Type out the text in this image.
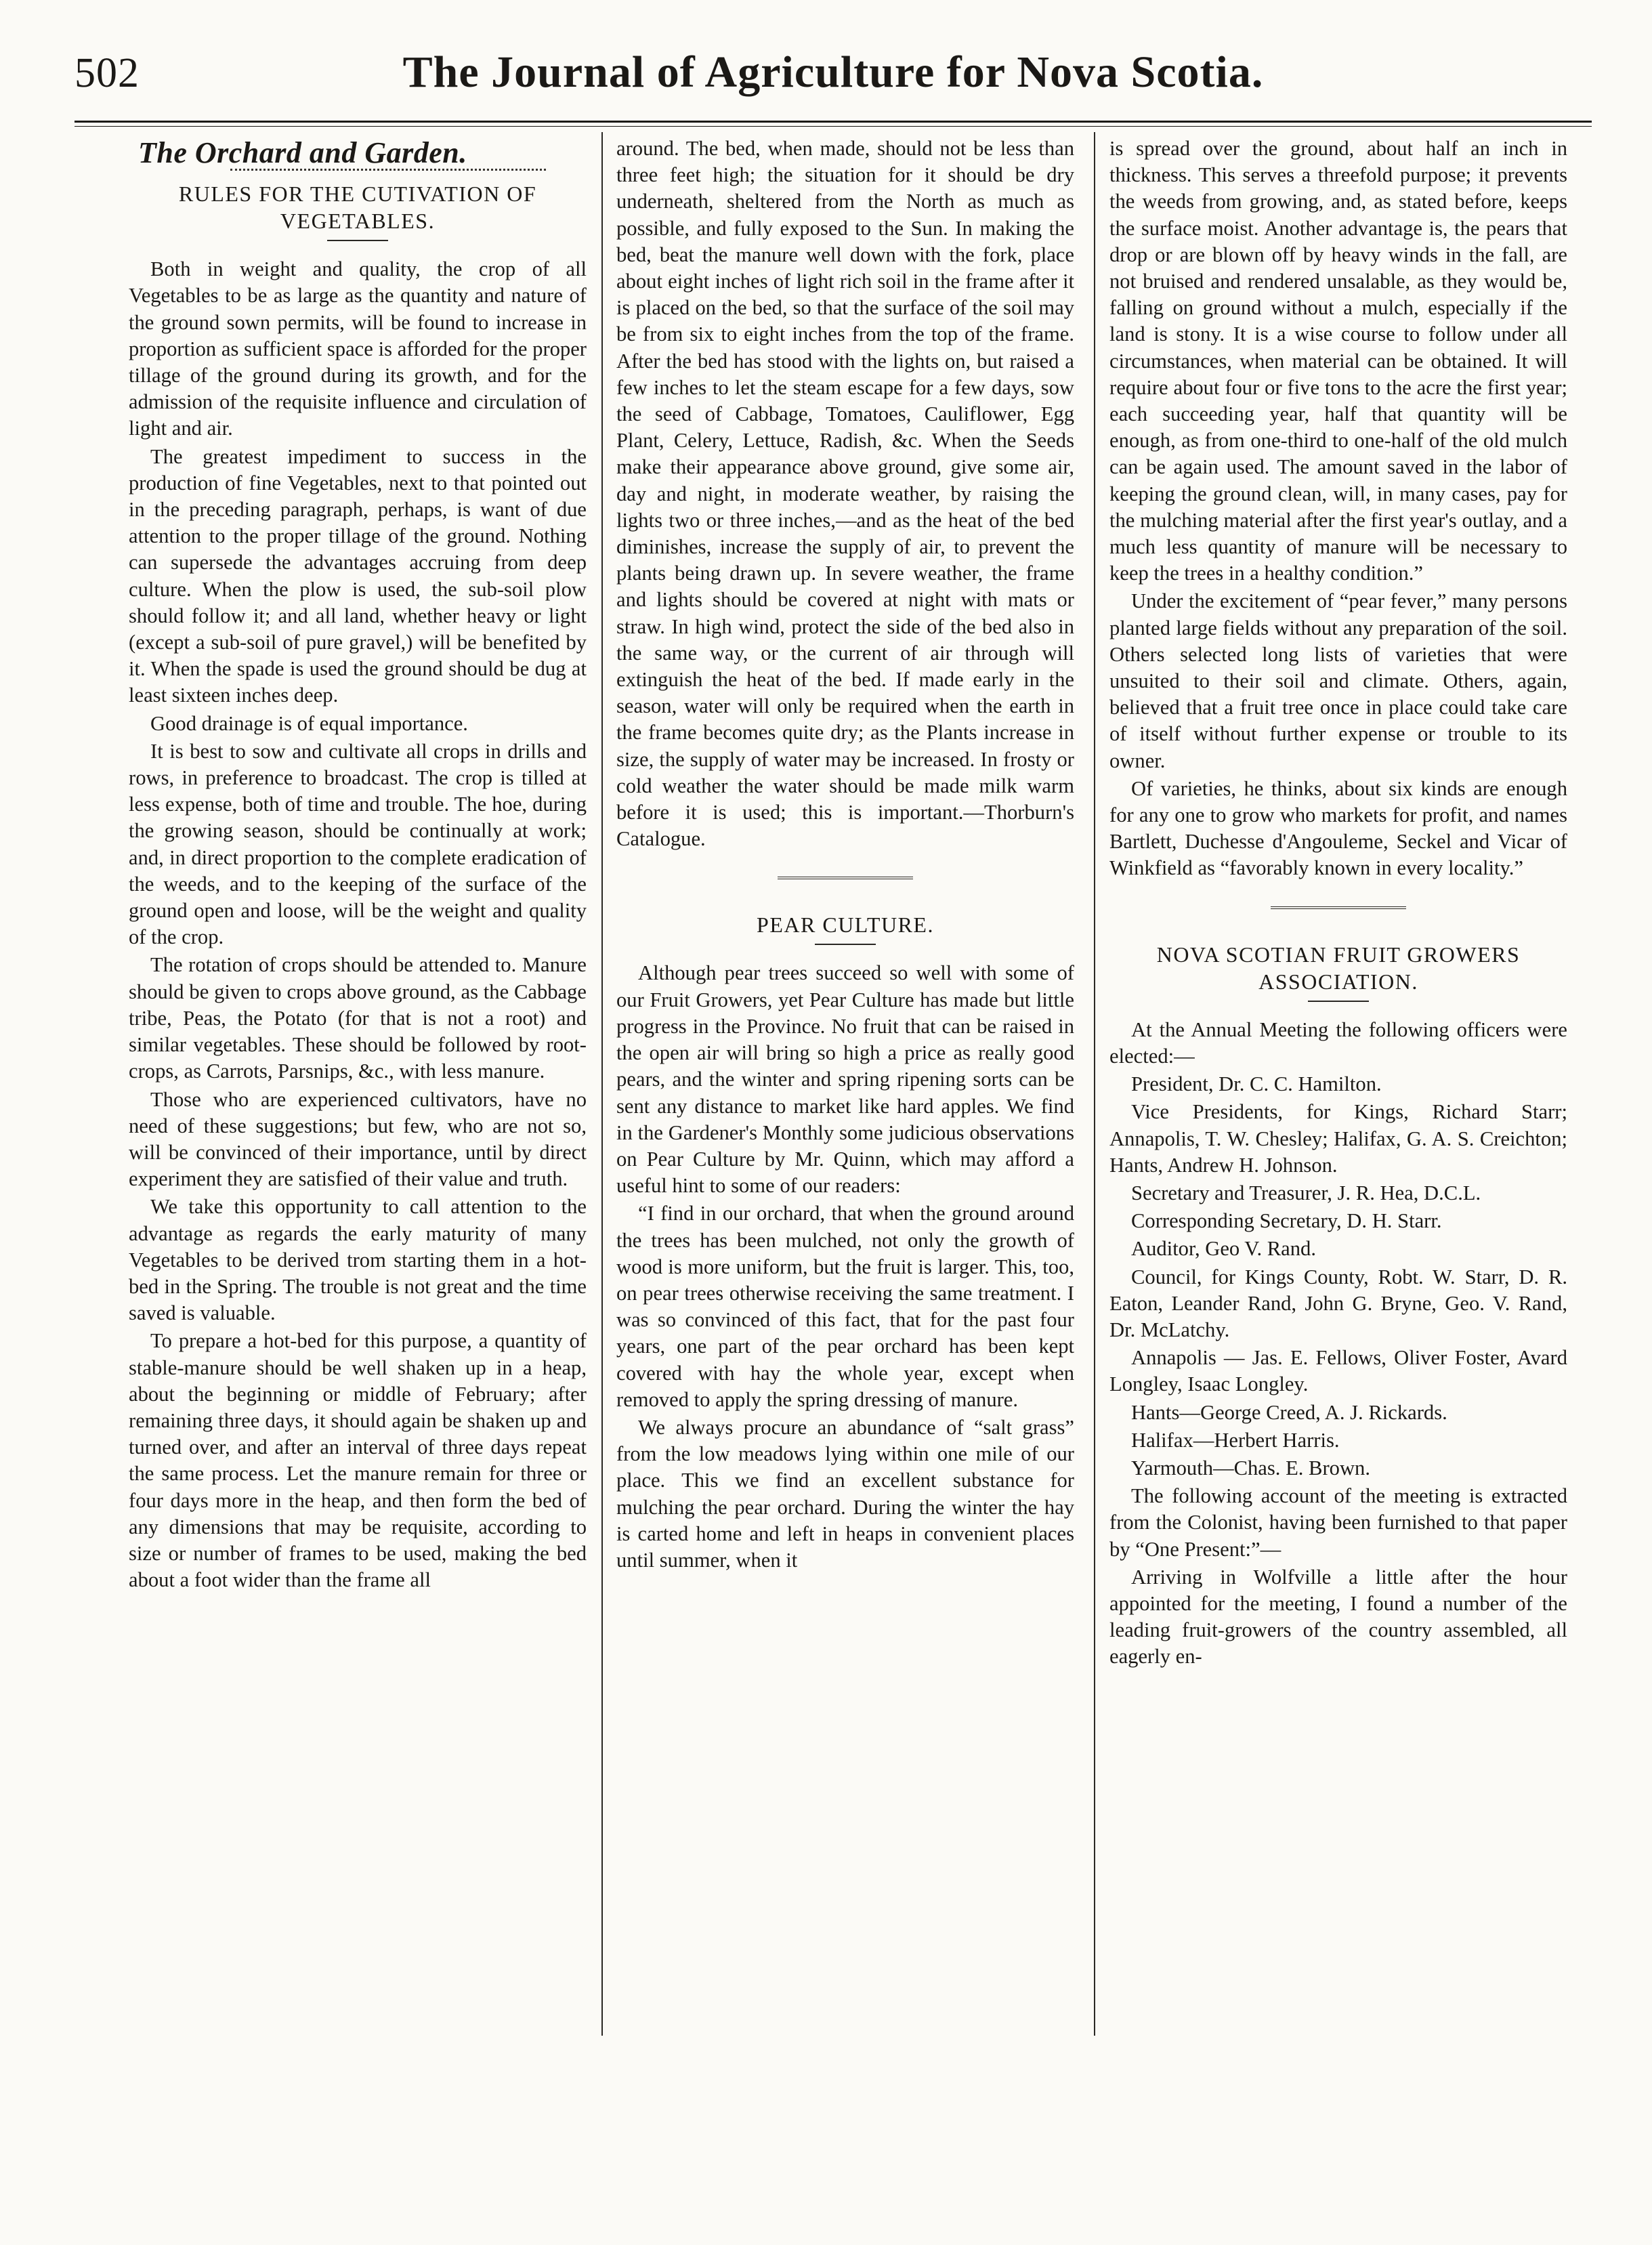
502	The Journal of Agriculture for Nova Scotia.
The Orchard and Garden.
RULES FOR THE CUTIVATION OF VEGETABLES.

Both in weight and quality, the crop of all Vegetables to be as large as the quantity and nature of the ground sown permits, will be found to increase in proportion as sufficient space is afforded for the proper tillage of the ground during its growth, and for the admission of the requisite influence and circulation of light and air.

The greatest impediment to success in the production of fine Vegetables, next to that pointed out in the preceding paragraph, perhaps, is want of due attention to the proper tillage of the ground. Nothing can supersede the advantages accruing from deep culture. When the plow is used, the sub-soil plow should follow it; and all land, whether heavy or light (except a sub-soil of pure gravel,) will be benefited by it. When the spade is used the ground should be dug at least sixteen inches deep.

Good drainage is of equal importance.

It is best to sow and cultivate all crops in drills and rows, in preference to broadcast. The crop is tilled at less expense, both of time and trouble. The hoe, during the growing season, should be continually at work; and, in direct proportion to the complete eradication of the weeds, and to the keeping of the surface of the ground open and loose, will be the weight and quality of the crop.

The rotation of crops should be attended to. Manure should be given to crops above ground, as the Cabbage tribe, Peas, the Potato (for that is not a root) and similar vegetables. These should be followed by root-crops, as Carrots, Parsnips, &c., with less manure.

Those who are experienced cultivators, have no need of these suggestions; but few, who are not so, will be convinced of their importance, until by direct experiment they are satisfied of their value and truth.

We take this opportunity to call attention to the advantage as regards the early maturity of many Vegetables to be derived trom starting them in a hot-bed in the Spring. The trouble is not great and the time saved is valuable.

To prepare a hot-bed for this purpose, a quantity of stable-manure should be well shaken up in a heap, about the beginning or middle of February; after remaining three days, it should again be shaken up and turned over, and after an interval of three days repeat the same process. Let the manure remain for three or four days more in the heap, and then form the bed of any dimensions that may be requisite, according to size or number of frames to be used, making the bed about a foot wider than the frame all

around. The bed, when made, should not be less than three feet high; the situation for it should be dry underneath, sheltered from the North as much as possible, and fully exposed to the Sun. In making the bed, beat the manure well down with the fork, place about eight inches of light rich soil in the frame after it is placed on the bed, so that the surface of the soil may be from six to eight inches from the top of the frame. After the bed has stood with the lights on, but raised a few inches to let the steam escape for a few days, sow the seed of Cabbage, Tomatoes, Cauliflower, Egg Plant, Celery, Lettuce, Radish, &c. When the Seeds make their appearance above ground, give some air, day and night, in moderate weather, by raising the lights two or three inches,—and as the heat of the bed diminishes, increase the supply of air, to prevent the plants being drawn up. In severe weather, the frame and lights should be covered at night with mats or straw. In high wind, protect the side of the bed also in the same way, or the current of air through will extinguish the heat of the bed. If made early in the season, water will only be required when the earth in the frame becomes quite dry; as the Plants increase in size, the supply of water may be increased. In frosty or cold weather the water should be made milk warm before it is used; this is important.—Thorburn's Catalogue.

PEAR CULTURE.

Although pear trees succeed so well with some of our Fruit Growers, yet Pear Culture has made but little progress in the Province. No fruit that can be raised in the open air will bring so high a price as really good pears, and the winter and spring ripening sorts can be sent any distance to market like hard apples. We find in the Gardener's Monthly some judicious observations on Pear Culture by Mr. Quinn, which may afford a useful hint to some of our readers:

“I find in our orchard, that when the ground around the trees has been mulched, not only the growth of wood is more uniform, but the fruit is larger. This, too, on pear trees otherwise receiving the same treatment. I was so convinced of this fact, that for the past four years, one part of the pear orchard has been kept covered with hay the whole year, except when removed to apply the spring dressing of manure.

We always procure an abundance of “salt grass” from the low meadows lying within one mile of our place. This we find an excellent substance for mulching the pear orchard. During the winter the hay is carted home and left in heaps in convenient places until summer, when it

is spread over the ground, about half an inch in thickness. This serves a threefold purpose; it prevents the weeds from growing, and, as stated before, keeps the surface moist. Another advantage is, the pears that drop or are blown off by heavy winds in the fall, are not bruised and rendered unsalable, as they would be, falling on ground without a mulch, especially if the land is stony. It is a wise course to follow under all circumstances, when material can be obtained. It will require about four or five tons to the acre the first year; each succeeding year, half that quantity will be enough, as from one-third to one-half of the old mulch can be again used. The amount saved in the labor of keeping the ground clean, will, in many cases, pay for the mulching material after the first year's outlay, and a much less quantity of manure will be necessary to keep the trees in a healthy condition.”

Under the excitement of “pear fever,” many persons planted large fields without any preparation of the soil. Others selected long lists of varieties that were unsuited to their soil and climate. Others, again, believed that a fruit tree once in place could take care of itself without further expense or trouble to its owner.

Of varieties, he thinks, about six kinds are enough for any one to grow who markets for profit, and names Bartlett, Duchesse d'Angouleme, Seckel and Vicar of Winkfield as “favorably known in every locality.”

NOVA SCOTIAN FRUIT GROWERS ASSOCIATION.

At the Annual Meeting the following officers were elected:—

President, Dr. C. C. Hamilton.

Vice Presidents, for Kings, Richard Starr; Annapolis, T. W. Chesley; Halifax, G. A. S. Creichton; Hants, Andrew H. Johnson.

Secretary and Treasurer, J. R. Hea, D.C.L.

Corresponding Secretary, D. H. Starr.

Auditor, Geo V. Rand.

Council, for Kings County, Robt. W. Starr, D. R. Eaton, Leander Rand, John G. Bryne, Geo. V. Rand, Dr. McLatchy.

Annapolis — Jas. E. Fellows, Oliver Foster, Avard Longley, Isaac Longley.

Hants—George Creed, A. J. Rickards.

Halifax—Herbert Harris.

Yarmouth—Chas. E. Brown.

The following account of the meeting is extracted from the Colonist, having been furnished to that paper by “One Present:”—

Arriving in Wolfville a little after the hour appointed for the meeting, I found a number of the leading fruit-growers of the country assembled, all eagerly en-
